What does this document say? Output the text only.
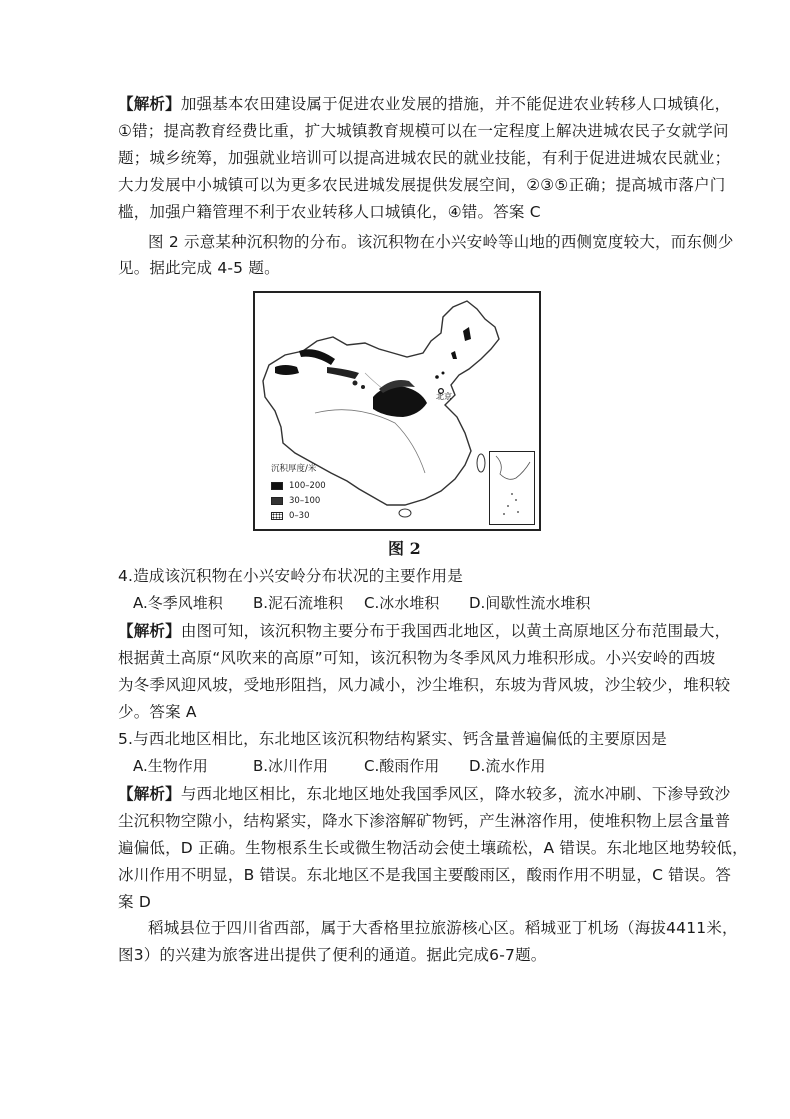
【解析】加强基本农田建设属于促进农业发展的措施，并不能促进农业转移人口城镇化，
①错；提高教育经费比重，扩大城镇教育规模可以在一定程度上解决进城农民子女就学问
题；城乡统筹，加强就业培训可以提高进城农民的就业技能，有利于促进进城农民就业；
大力发展中小城镇可以为更多农民进城发展提供发展空间，②③⑤正确；提高城市落户门
槛，加强户籍管理不利于农业转移人口城镇化，④错。答案 C
图 2 示意某种沉积物的分布。该沉积物在小兴安岭等山地的西侧宽度较大，而东侧少
见。据此完成 4-5 题。
北京
沉积厚度/米
100–200
30–100
0–30
图 2
4.造成该沉积物在小兴安岭分布状况的主要作用是
A.冬季风堆积 B.泥石流堆积 C.冰水堆积 D.间歇性流水堆积
【解析】由图可知，该沉积物主要分布于我国西北地区，以黄土高原地区分布范围最大，
根据黄土高原“风吹来的高原”可知，该沉积物为冬季风风力堆积形成。小兴安岭的西坡
为冬季风迎风坡，受地形阻挡，风力减小，沙尘堆积，东坡为背风坡，沙尘较少，堆积较
少。答案 A
5.与西北地区相比，东北地区该沉积物结构紧实、钙含量普遍偏低的主要原因是
A.生物作用	B.冰川作用 C.酸雨作用 D.流水作用
【解析】与西北地区相比，东北地区地处我国季风区，降水较多，流水冲刷、下渗导致沙
尘沉积物空隙小，结构紧实，降水下渗溶解矿物钙，产生淋溶作用，使堆积物上层含量普
遍偏低，D 正确。生物根系生长或微生物活动会使土壤疏松，A 错误。东北地区地势较低，
冰川作用不明显，B 错误。东北地区不是我国主要酸雨区，酸雨作用不明显，C 错误。答
案 D
稻城县位于四川省西部，属于大香格里拉旅游核心区。稻城亚丁机场（海拔4411米，
图3）的兴建为旅客进出提供了便利的通道。据此完成6-7题。
